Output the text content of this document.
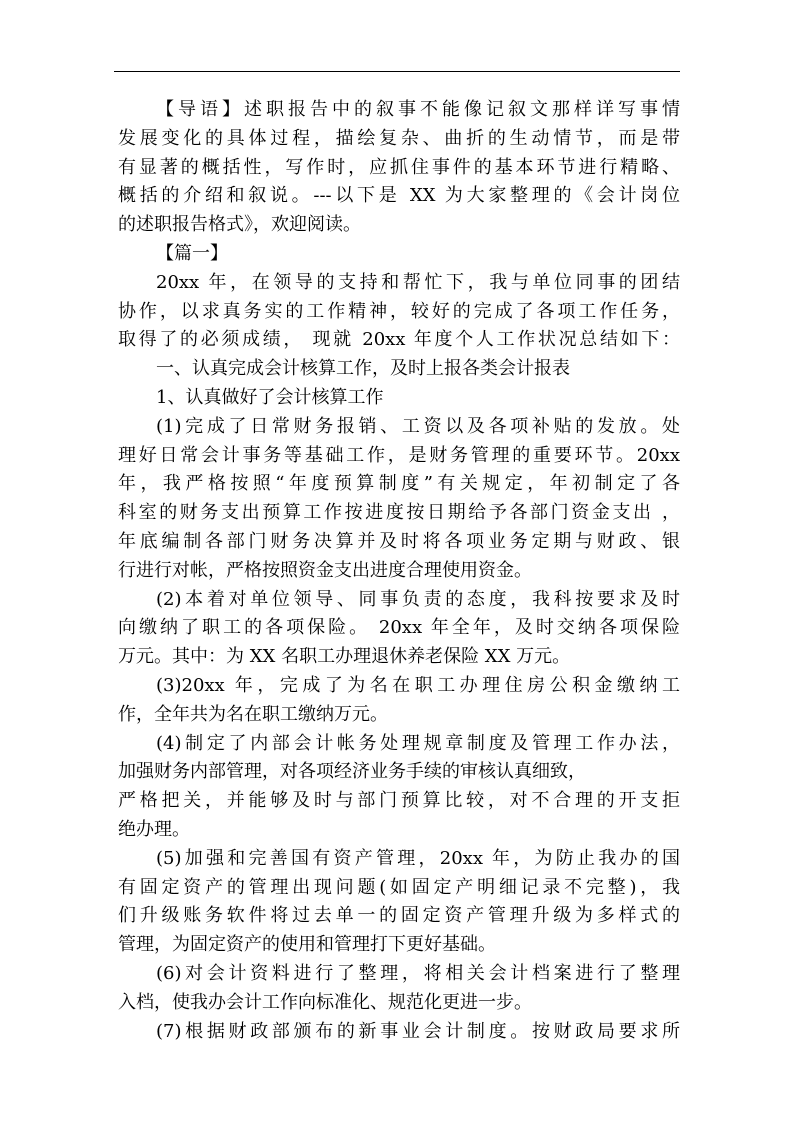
【导语】述职报告中的叙事不能像记叙文那样详写事情
发展变化的具体过程，描绘复杂、曲折的生动情节，而是带
有显著的概括性，写作时，应抓住事件的基本环节进行精略、
概括的介绍和叙说。---以下是 XX 为大家整理的《会计岗位
的述职报告格式》，欢迎阅读。
【篇一】
20xx 年，在领导的支持和帮忙下，我与单位同事的团结
协作，以求真务实的工作精神，较好的完成了各项工作任务，
取得了的必须成绩， 现就 20xx 年度个人工作状况总结如下：
一、认真完成会计核算工作，及时上报各类会计报表
1、认真做好了会计核算工作
(1)完成了日常财务报销、工资以及各项补贴的发放。处
理好日常会计事务等基础工作，是财务管理的重要环节。20xx
年，我严格按照“年度预算制度”有关规定，年初制定了各
科室的财务支出预算工作按进度按日期给予各部门资金支出 ，
年底编制各部门财务决算并及时将各项业务定期与财政、银
行进行对帐，严格按照资金支出进度合理使用资金。
(2)本着对单位领导、同事负责的态度，我科按要求及时
向缴纳了职工的各项保险。 20xx 年全年，及时交纳各项保险
万元。其中：为 XX 名职工办理退休养老保险 XX 万元。
(3)20xx 年，完成了为名在职工办理住房公积金缴纳工
作，全年共为名在职工缴纳万元。
(4)制定了内部会计帐务处理规章制度及管理工作办法，
加强财务内部管理，对各项经济业务手续的审核认真细致，
严格把关，并能够及时与部门预算比较，对不合理的开支拒
绝办理。
(5)加强和完善国有资产管理，20xx 年，为防止我办的国
有固定资产的管理出现问题(如固定产明细记录不完整)，我
们升级账务软件将过去单一的固定资产管理升级为多样式的
管理，为固定资产的使用和管理打下更好基础。
(6)对会计资料进行了整理，将相关会计档案进行了整理
入档，使我办会计工作向标准化、规范化更进一步。
(7)根据财政部颁布的新事业会计制度。按财政局要求所
